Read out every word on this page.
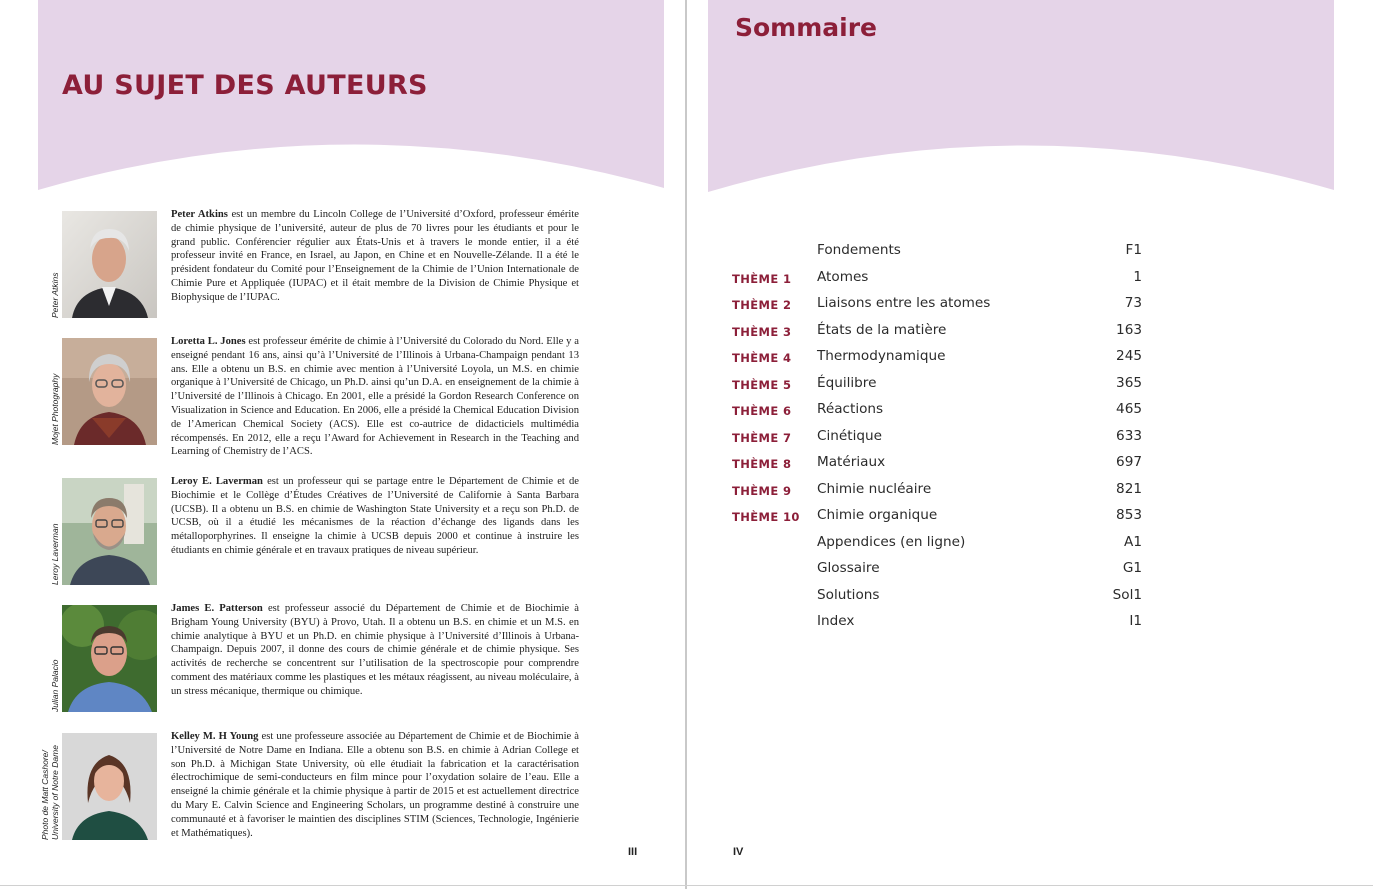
AU SUJET DES AUTEURS
Peter Atkins

Peter Atkins est un membre du Lincoln College de l’Université d’Oxford, professeur émérite de chimie physique de l’université, auteur de plus de 70 livres pour les étudiants et pour le grand public. Conférencier régulier aux États-Unis et à travers le monde entier, il a été professeur invité en France, en Israel, au Japon, en Chine et en Nouvelle-Zélande. Il a été le président fondateur du Comité pour l’Enseignement de la Chimie de l’Union Internationale de Chimie Pure et Appliquée (IUPAC) et il était membre de la Division de Chimie Physique et Biophysique de l’IUPAC.

Mojet Photography

Loretta L. Jones est professeur émérite de chimie à l’Université du Colorado du Nord. Elle y a enseigné pendant 16 ans, ainsi qu’à l’Université de l’Illinois à Urbana-Champaign pendant 13 ans. Elle a obtenu un B.S. en chimie avec mention à l’Université Loyola, un M.S. en chimie organique à l’Université de Chicago, un Ph.D. ainsi qu’un D.A. en enseignement de la chimie à l’Université de l’Illinois à Chicago. En 2001, elle a présidé la Gordon Research Conference on Visualization in Science and Education. En 2006, elle a présidé la Chemical Education Division de l’American Chemical Society (ACS). Elle est co-autrice de didacticiels multimédia récompensés. En 2012, elle a reçu l’Award for Achievement in Research in the Teaching and Learning of Chemistry de l’ACS.

Leroy Laverman

Leroy E. Laverman est un professeur qui se partage entre le Département de Chimie et de Biochimie et le Collège d’Études Créatives de l’Université de Californie à Santa Barbara (UCSB). Il a obtenu un B.S. en chimie de Washington State University et a reçu son Ph.D. de UCSB, où il a étudié les mécanismes de la réaction d’échange des ligands dans les métalloporphyrines. Il enseigne la chimie à UCSB depuis 2000 et continue à instruire les étudiants en chimie générale et en travaux pratiques de niveau supérieur.

Julian Palacio

James E. Patterson est professeur associé du Département de Chimie et de Biochimie à Brigham Young University (BYU) à Provo, Utah. Il a obtenu un B.S. en chimie et un M.S. en chimie analytique à BYU et un Ph.D. en chimie physique à l’Université d’Illinois à Urbana-Champaign. Depuis 2007, il donne des cours de chimie générale et de chimie physique. Ses activités de recherche se concentrent sur l’utilisation de la spectroscopie pour comprendre comment des matériaux comme les plastiques et les métaux réagissent, au niveau moléculaire, à un stress mécanique, thermique ou chimique.

Photo de Matt Cashore/ University of Notre Dame

Kelley M. H Young est une professeure associée au Département de Chimie et de Biochimie à l’Université de Notre Dame en Indiana. Elle a obtenu son B.S. en chimie à Adrian College et son Ph.D. à Michigan State University, où elle étudiait la fabrication et la caractérisation électrochimique de semi-conducteurs en film mince pour l’oxydation solaire de l’eau. Elle a enseigné la chimie générale et la chimie physique à partir de 2015 et est actuellement directrice du Mary E. Calvin Science and Engineering Scholars, un programme destiné à construire une communauté et à favoriser le maintien des disciplines STIM (Sciences, Technologie, Ingénierie et Mathématiques).

III
Sommaire
Fondements	F1
THÈME 1 Atomes	1
THÈME 2 Liaisons entre les atomes	73
THÈME 3 États de la matière	163
THÈME 4 Thermodynamique	245
THÈME 5 Équilibre	365
THÈME 6 Réactions	465
THÈME 7 Cinétique	633
THÈME 8 Matériaux	697
THÈME 9 Chimie nucléaire	821
THÈME 10 Chimie organique	853
Appendices (en ligne)	A1
Glossaire	G1
Solutions	Sol1
Index	I1
IV
